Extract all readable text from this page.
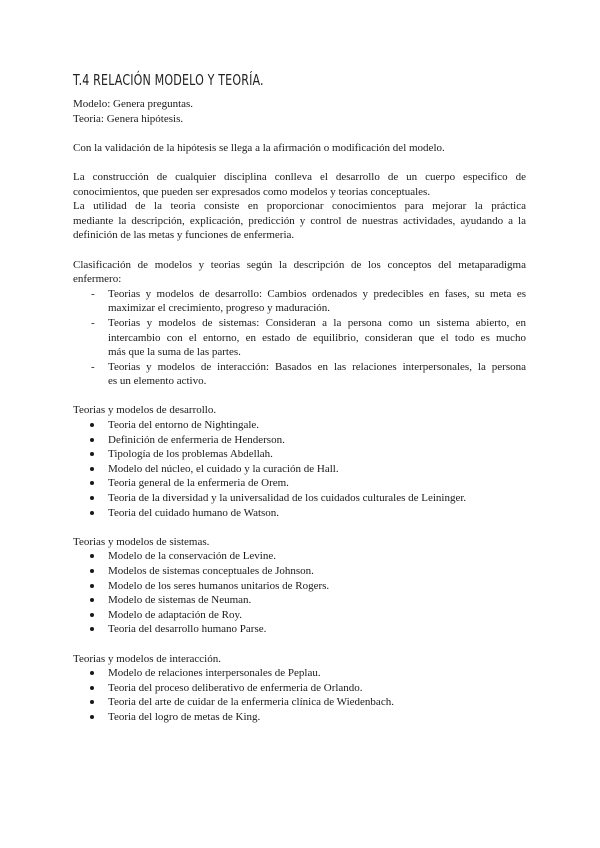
T.4 RELACIÓN MODELO Y TEORÍA.
Modelo: Genera preguntas.
Teoria: Genera hipótesis.
Con la validación de la hipótesis se llega a la afirmación o modificación del modelo.
La construcción de cualquier disciplina conlleva el desarrollo de un cuerpo especifico de
conocimientos, que pueden ser expresados como modelos y teorias conceptuales.
La utilidad de la teoria consiste en proporcionar conocimientos para mejorar la práctica
mediante la descripción, explicación, predicción y control de nuestras actividades, ayudando a la
definición de las metas y funciones de enfermeria.
Clasificación de modelos y teorias según la descripción de los conceptos del metaparadigma
enfermero:
- Teorias y modelos de desarrollo: Cambios ordenados y predecibles en fases, su meta es
maximizar el crecimiento, progreso y maduración.
- Teorias y modelos de sistemas: Consideran a la persona como un sistema abierto, en
intercambio con el entorno, en estado de equilibrio, consideran que el todo es mucho
más que la suma de las partes.
- Teorias y modelos de interacción: Basados en las relaciones interpersonales, la persona
es un elemento activo.
Teorias y modelos de desarrollo.
Teoria del entorno de Nightingale.
Definición de enfermeria de Henderson.
Tipología de los problemas Abdellah.
Modelo del núcleo, el cuidado y la curación de Hall.
Teoria general de la enfermeria de Orem.
Teoria de la diversidad y la universalidad de los cuidados culturales de Leininger.
Teoria del cuidado humano de Watson.
Teorias y modelos de sistemas.
Modelo de la conservación de Levine.
Modelos de sistemas conceptuales de Johnson.
Modelo de los seres humanos unitarios de Rogers.
Modelo de sistemas de Neuman.
Modelo de adaptación de Roy.
Teoria del desarrollo humano Parse.
Teorias y modelos de interacción.
Modelo de relaciones interpersonales de Peplau.
Teoria del proceso deliberativo de enfermeria de Orlando.
Teoria del arte de cuidar de la enfermeria clínica de Wiedenbach.
Teoria del logro de metas de King.
